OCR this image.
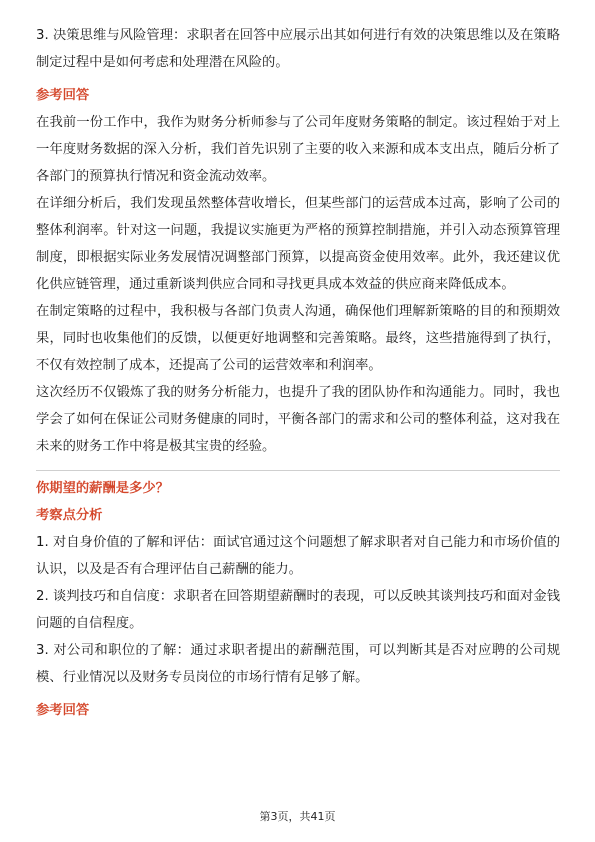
3. 决策思维与风险管理：求职者在回答中应展示出其如何进行有效的决策思维以及在策略制定过程中是如何考虑和处理潜在风险的。

参考回答

在我前一份工作中，我作为财务分析师参与了公司年度财务策略的制定。该过程始于对上一年度财务数据的深入分析，我们首先识别了主要的收入来源和成本支出点，随后分析了各部门的预算执行情况和资金流动效率。

在详细分析后，我们发现虽然整体营收增长，但某些部门的运营成本过高，影响了公司的整体利润率。针对这一问题，我提议实施更为严格的预算控制措施，并引入动态预算管理制度，即根据实际业务发展情况调整部门预算，以提高资金使用效率。此外，我还建议优化供应链管理，通过重新谈判供应合同和寻找更具成本效益的供应商来降低成本。

在制定策略的过程中，我积极与各部门负责人沟通，确保他们理解新策略的目的和预期效果，同时也收集他们的反馈，以便更好地调整和完善策略。最终，这些措施得到了执行，不仅有效控制了成本，还提高了公司的运营效率和利润率。

这次经历不仅锻炼了我的财务分析能力，也提升了我的团队协作和沟通能力。同时，我也学会了如何在保证公司财务健康的同时，平衡各部门的需求和公司的整体利益，这对我在未来的财务工作中将是极其宝贵的经验。

你期望的薪酬是多少？

考察点分析

1. 对自身价值的了解和评估：面试官通过这个问题想了解求职者对自己能力和市场价值的认识，以及是否有合理评估自己薪酬的能力。

2. 谈判技巧和自信度：求职者在回答期望薪酬时的表现，可以反映其谈判技巧和面对金钱问题的自信程度。

3. 对公司和职位的了解：通过求职者提出的薪酬范围，可以判断其是否对应聘的公司规模、行业情况以及财务专员岗位的市场行情有足够了解。

参考回答

第3页，共41页
